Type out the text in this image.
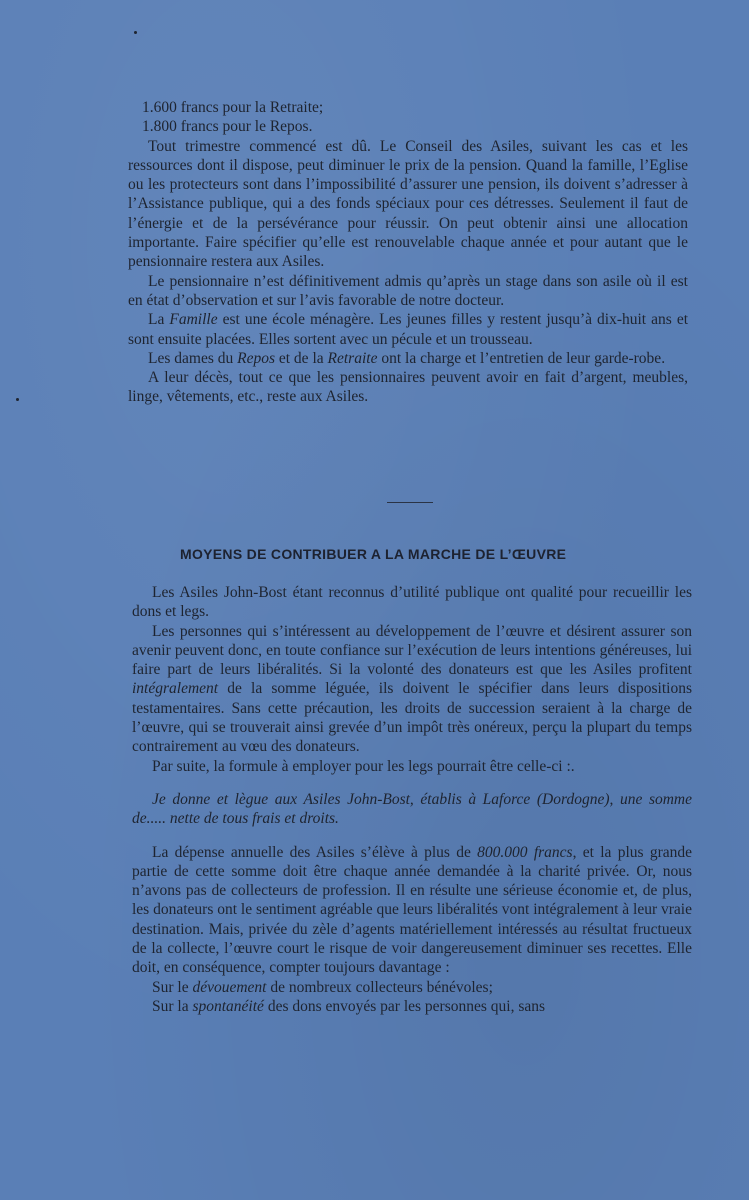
1.600 francs pour la Retraite;

1.800 francs pour le Repos.

Tout trimestre commencé est dû. Le Conseil des Asiles, suivant les cas et les ressources dont il dispose, peut diminuer le prix de la pension. Quand la famille, l’Eglise ou les protecteurs sont dans l’impossibilité d’assurer une pension, ils doivent s’adresser à l’Assistance publique, qui a des fonds spéciaux pour ces détresses. Seulement il faut de l’énergie et de la persévérance pour réussir. On peut obtenir ainsi une allocation importante. Faire spécifier qu’elle est renouvelable chaque année et pour autant que le pensionnaire restera aux Asiles.

Le pensionnaire n’est définitivement admis qu’après un stage dans son asile où il est en état d’observation et sur l’avis favorable de notre docteur.

La Famille est une école ménagère. Les jeunes filles y restent jusqu’à dix-huit ans et sont ensuite placées. Elles sortent avec un pécule et un trousseau.

Les dames du Repos et de la Retraite ont la charge et l’entretien de leur garde-robe.

A leur décès, tout ce que les pensionnaires peuvent avoir en fait d’argent, meubles, linge, vêtements, etc., reste aux Asiles.

MOYENS DE CONTRIBUER A LA MARCHE DE L’ŒUVRE

Les Asiles John-Bost étant reconnus d’utilité publique ont qualité pour recueillir les dons et legs.

Les personnes qui s’intéressent au développement de l’œuvre et désirent assurer son avenir peuvent donc, en toute confiance sur l’exécution de leurs intentions généreuses, lui faire part de leurs libéralités. Si la volonté des donateurs est que les Asiles profitent intégralement de la somme léguée, ils doivent le spécifier dans leurs dispositions testamentaires. Sans cette précaution, les droits de succession seraient à la charge de l’œuvre, qui se trouverait ainsi grevée d’un impôt très onéreux, perçu la plupart du temps contrairement au vœu des donateurs.

Par suite, la formule à employer pour les legs pourrait être celle-ci :.

Je donne et lègue aux Asiles John-Bost, établis à Laforce (Dordogne), une somme de..... nette de tous frais et droits.

La dépense annuelle des Asiles s’élève à plus de 800.000 francs, et la plus grande partie de cette somme doit être chaque année demandée à la charité privée. Or, nous n’avons pas de collecteurs de profession. Il en résulte une sérieuse économie et, de plus, les donateurs ont le sentiment agréable que leurs libéralités vont intégralement à leur vraie destination. Mais, privée du zèle d’agents matériellement intéressés au résultat fructueux de la collecte, l’œuvre court le risque de voir dangereusement diminuer ses recettes. Elle doit, en conséquence, compter toujours davantage :

Sur le dévouement de nombreux collecteurs bénévoles;

Sur la spontanéité des dons envoyés par les personnes qui, sans
